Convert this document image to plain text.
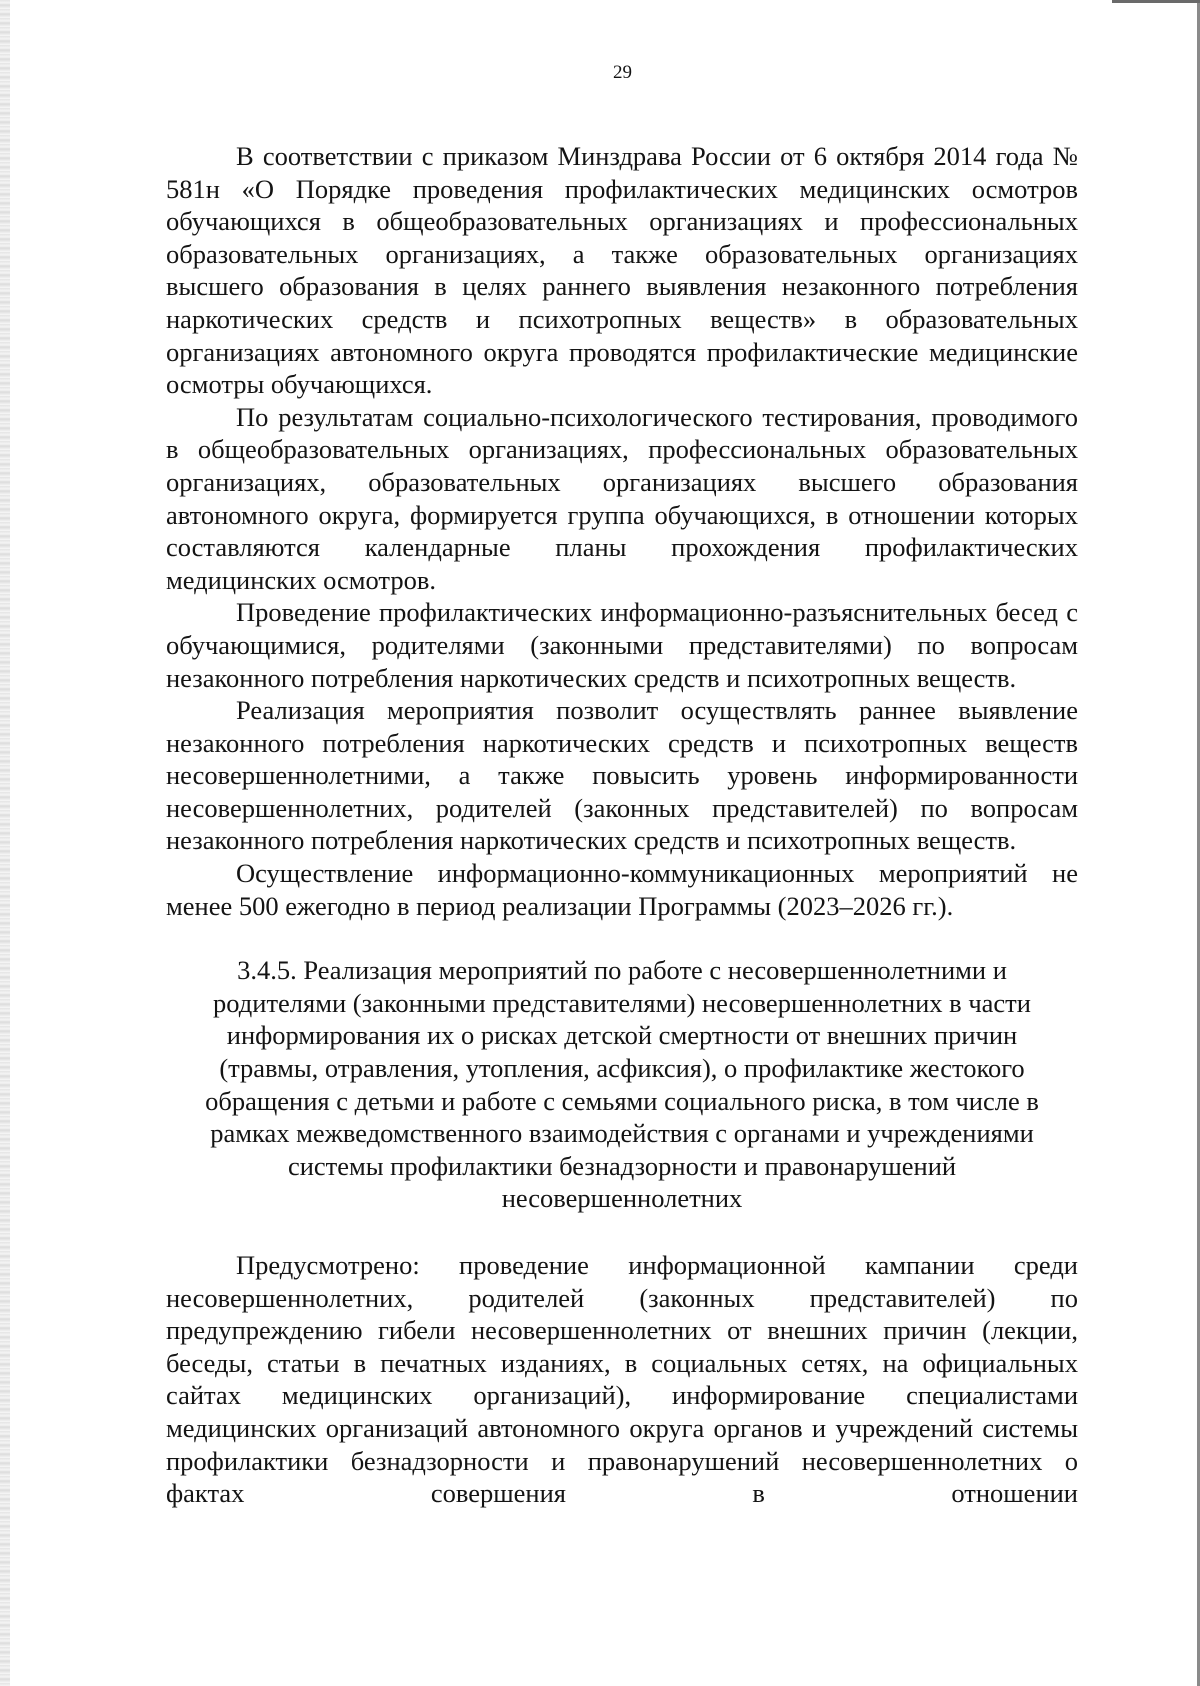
29

В соответствии с приказом Минздрава России от 6 октября 2014 года № 581н «О Порядке проведения профилактических медицинских осмотров обучающихся в общеобразовательных организациях и профессиональных образовательных организациях, а также образовательных организациях высшего образования в целях раннего выявления незаконного потребления наркотических средств и психотропных веществ» в образовательных организациях автономного округа проводятся профилактические медицинские осмотры обучающихся.

По результатам социально-психологического тестирования, проводимого в общеобразовательных организациях, профессиональных образовательных организациях, образовательных организациях высшего образования автономного округа, формируется группа обучающихся, в отношении которых составляются календарные планы прохождения профилактических медицинских осмотров.

Проведение профилактических информационно-разъяснительных бесед с обучающимися, родителями (законными представителями) по вопросам незаконного потребления наркотических средств и психотропных веществ.

Реализация мероприятия позволит осуществлять раннее выявление незаконного потребления наркотических средств и психотропных веществ несовершеннолетними, а также повысить уровень информированности несовершеннолетних, родителей (законных представителей) по вопросам незаконного потребления наркотических средств и психотропных веществ.

Осуществление информационно-коммуникационных мероприятий не менее 500 ежегодно в период реализации Программы (2023–2026 гг.).

3.4.5. Реализация мероприятий по работе с несовершеннолетними и родителями (законными представителями) несовершеннолетних в части информирования их о рисках детской смертности от внешних причин (травмы, отравления, утопления, асфиксия), о профилактике жестокого обращения с детьми и работе с семьями социального риска, в том числе в рамках межведомственного взаимодействия с органами и учреждениями системы профилактики безнадзорности и правонарушений несовершеннолетних

Предусмотрено: проведение информационной кампании среди несовершеннолетних, родителей (законных представителей) по предупреждению гибели несовершеннолетних от внешних причин (лекции, беседы, статьи в печатных изданиях, в социальных сетях, на официальных сайтах медицинских организаций), информирование специалистами медицинских организаций автономного округа органов и учреждений системы профилактики безнадзорности и правонарушений несовершеннолетних о фактах совершения в отношении
